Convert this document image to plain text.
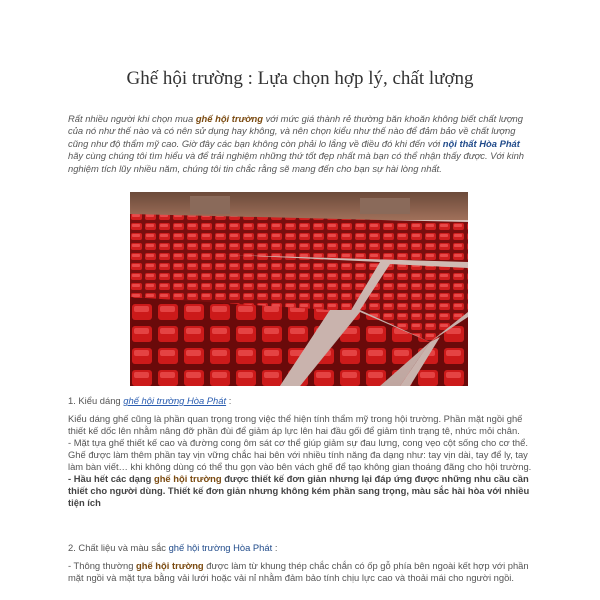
Ghế hội trường : Lựa chọn hợp lý, chất lượng
Rất nhiều người khi chọn mua ghế hội trường với mức giá thành rẻ thường băn khoăn không biết chất lượng của nó như thế nào và có nên sử dụng hay không, và nên chọn kiểu như thế nào để đảm bảo về chất lượng cũng như độ thẩm mỹ cao. Giờ đây các bạn không còn phải lo lắng về điều đó khi đến với nội thất Hòa Phát hãy cùng chúng tôi tìm hiểu và để trải nghiệm những thứ tốt đẹp nhất mà bạn có thể nhận thấy được. Với kinh nghiệm tích lũy nhiều năm, chúng tôi tin chắc rằng sẽ mang đến cho bạn sự hài lòng nhất.
1. Kiểu dáng ghế hội trường Hòa Phát :
Kiểu dáng ghế cũng là phần quan trọng trong việc thể hiện tính thẩm mỹ trong hội trường. Phần mặt ngồi ghế thiết kế dốc lên nhằm nâng đỡ phần đùi để giảm áp lực lên hai đầu gối để giảm tình trạng tê, nhức mỏi chân.
- Mặt tựa ghế thiết kế cao và đường cong ôm sát cơ thể giúp giảm sự đau lưng, cong vẹo cột sống cho cơ thể. Ghế được làm thêm phần tay vịn vững chắc hai bên với nhiều tính năng đa dạng như: tay vịn dài, tay để ly, tay làm bàn viết… khi không dùng có thể thu gọn vào bên vách ghế để tạo không gian thoáng đãng cho hội trường.
- Hầu hết các dạng ghế hội trường được thiết kế đơn giản nhưng lại đáp ứng được những nhu cầu cần thiết cho người dùng. Thiết kế đơn giản nhưng không kém phần sang trọng, màu sắc hài hòa với nhiều tiện ích
2. Chất liệu và màu sắc ghế hội trường Hòa Phát :
- Thông thường ghế hội trường được làm từ khung thép chắc chắn có ốp gỗ phía bên ngoài kết hợp với phần mặt ngồi và mặt tựa bằng vải lưới hoặc vải nỉ nhằm đảm bảo tính chịu lực cao và thoải mái cho người ngồi.
